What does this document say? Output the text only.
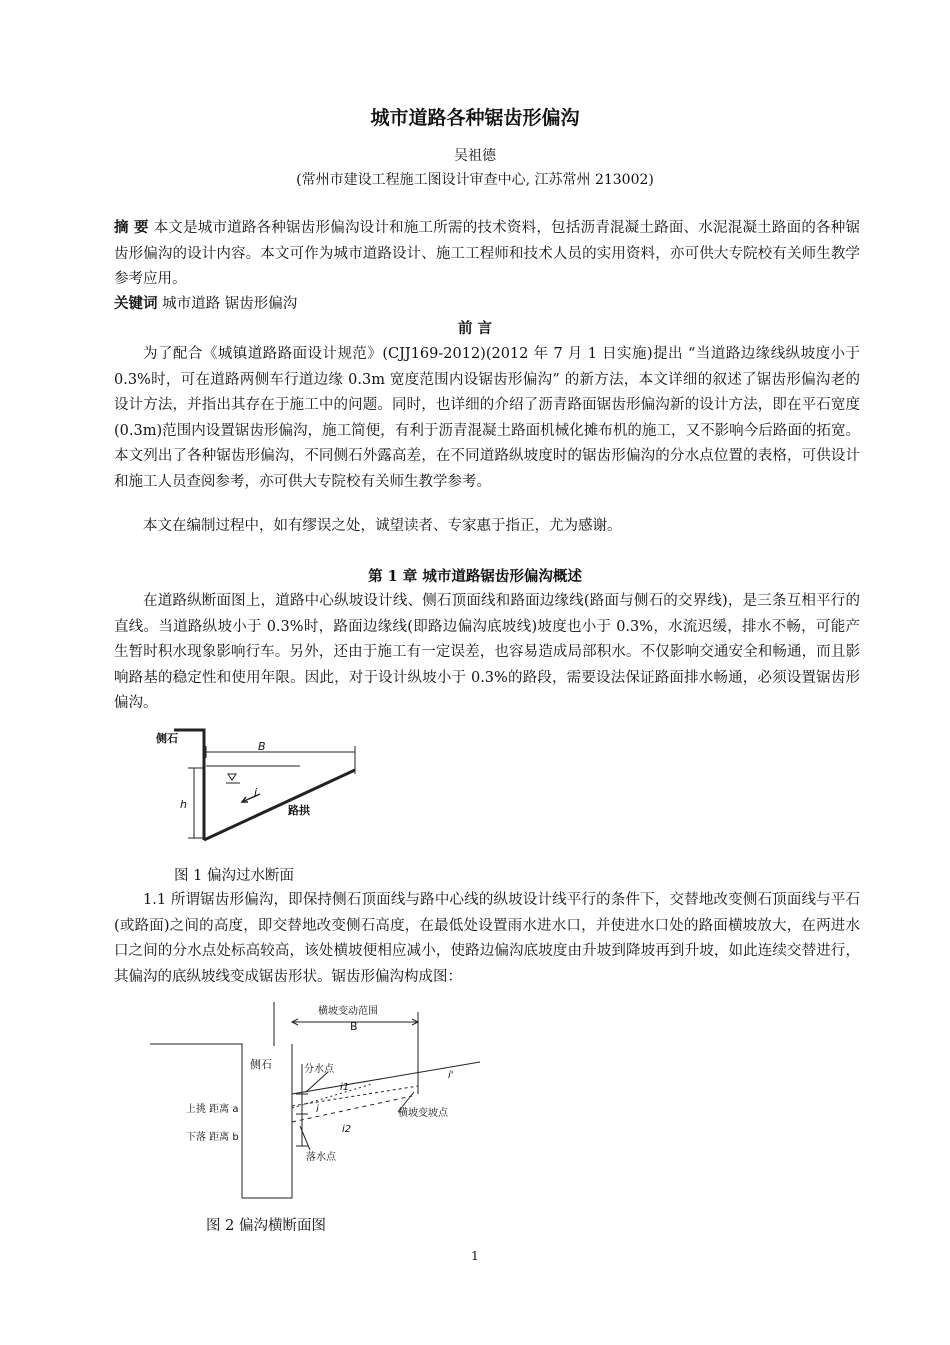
城市道路各种锯齿形偏沟
吴祖德
(常州市建设工程施工图设计审查中心, 江苏常州 213002)
摘 要 本文是城市道路各种锯齿形偏沟设计和施工所需的技术资料，包括沥青混凝土路面、水泥混凝土路面的各种锯齿形偏沟的设计内容。本文可作为城市道路设计、施工工程师和技术人员的实用资料，亦可供大专院校有关师生教学参考应用。
关键词 城市道路 锯齿形偏沟
前 言
为了配合《城镇道路路面设计规范》(CJJ169-2012)(2012 年 7 月 1 日实施)提出 “当道路边缘线纵坡度小于 0.3%时，可在道路两侧车行道边缘 0.3m 宽度范围内设锯齿形偏沟” 的新方法，本文详细的叙述了锯齿形偏沟老的设计方法，并指出其存在于施工中的问题。同时，也详细的介绍了沥青路面锯齿形偏沟新的设计方法，即在平石宽度(0.3m)范围内设置锯齿形偏沟，施工简便，有利于沥青混凝土路面机械化摊布机的施工，又不影响今后路面的拓宽。本文列出了各种锯齿形偏沟，不同侧石外露高差，在不同道路纵坡度时的锯齿形偏沟的分水点位置的表格，可供设计和施工人员查阅参考，亦可供大专院校有关师生教学参考。
本文在编制过程中，如有缪误之处，诚望读者、专家惠于指正，尤为感谢。
第 1 章 城市道路锯齿形偏沟概述
在道路纵断面图上，道路中心纵坡设计线、侧石顶面线和路面边缘线(路面与侧石的交界线)，是三条互相平行的直线。当道路纵坡小于 0.3%时，路面边缘线(即路边偏沟底坡线)坡度也小于 0.3%，水流迟缓，排水不畅，可能产生暂时积水现象影响行车。另外，还由于施工有一定误差，也容易造成局部积水。不仅影响交通安全和畅通，而且影响路基的稳定性和使用年限。因此，对于设计纵坡小于 0.3%的路段，需要设法保证路面排水畅通，必须设置锯齿形偏沟。
侧石
B
h
i
路拱
图 1 偏沟过水断面
1.1 所谓锯齿形偏沟，即保持侧石顶面线与路中心线的纵坡设计线平行的条件下，交替地改变侧石顶面线与平石(或路面)之间的高度，即交替地改变侧石高度，在最低处设置雨水进水口，并使进水口处的路面横坡放大，在两进水口之间的分水点处标高较高，该处横坡便相应减小，使路边偏沟底坡度由升坡到降坡再到升坡，如此连续交替进行，其偏沟的底纵坡线变成锯齿形状。锯齿形偏沟构成图：
横坡变动范围
B
侧石	分水点
i1
i
i'
i2
上挑 距离 a
下落 距离 b
横坡变坡点
落水点
图 2 偏沟横断面图
1
